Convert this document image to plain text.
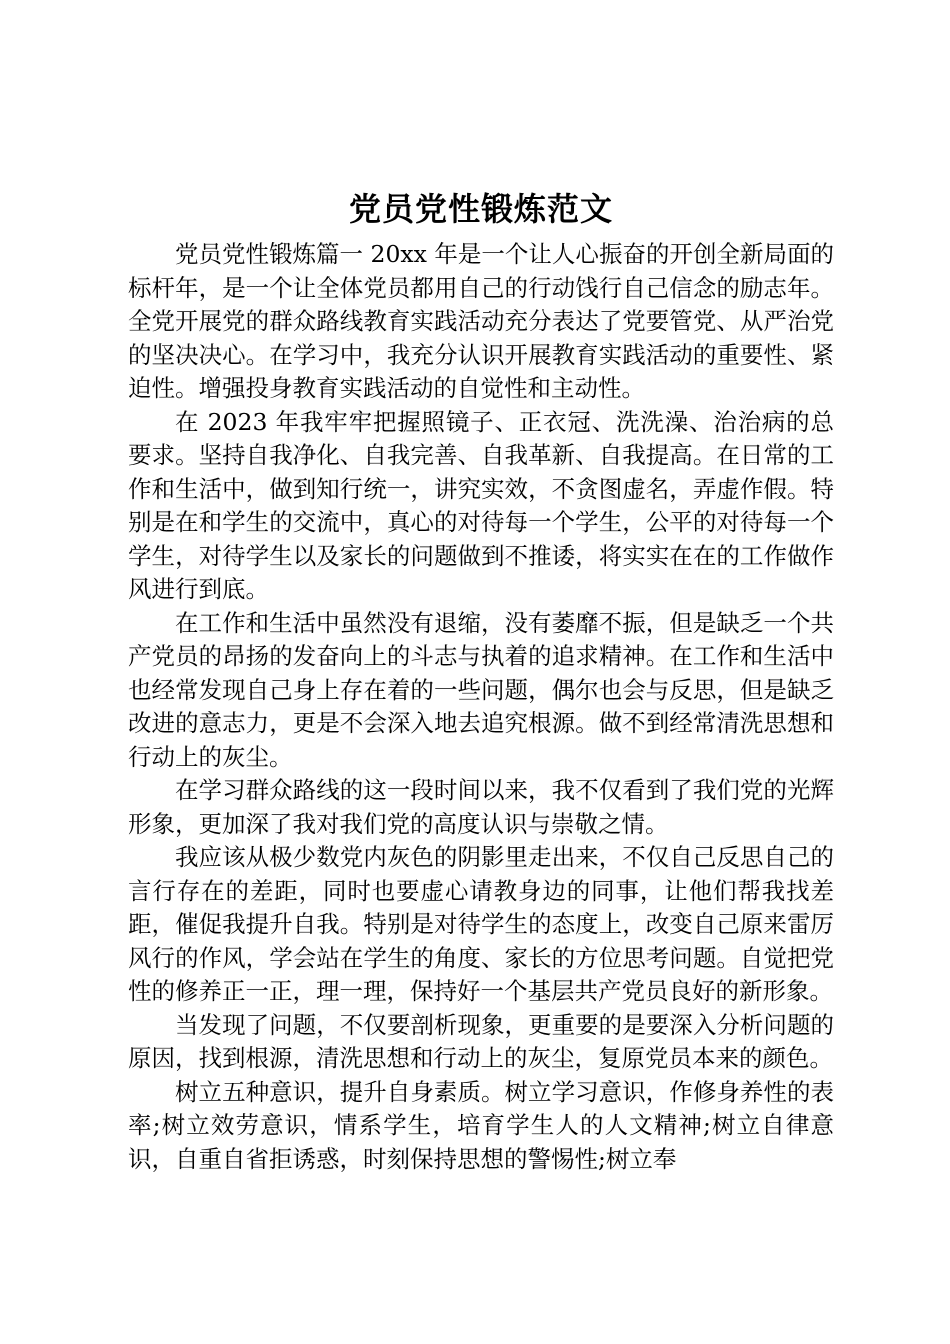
党员党性锻炼范文

党员党性锻炼篇一 20xx 年是一个让人心振奋的开创全新局面的标杆年，是一个让全体党员都用自己的行动饯行自己信念的励志年。全党开展党的群众路线教育实践活动充分表达了党要管党、从严治党的坚决决心。在学习中，我充分认识开展教育实践活动的重要性、紧迫性。增强投身教育实践活动的自觉性和主动性。

在 2023 年我牢牢把握照镜子、正衣冠、洗洗澡、治治病的总要求。坚持自我净化、自我完善、自我革新、自我提高。在日常的工作和生活中，做到知行统一，讲究实效，不贪图虚名，弄虚作假。特别是在和学生的交流中，真心的对待每一个学生，公平的对待每一个学生，对待学生以及家长的问题做到不推诿，将实实在在的工作做作风进行到底。

在工作和生活中虽然没有退缩，没有萎靡不振，但是缺乏一个共产党员的昂扬的发奋向上的斗志与执着的追求精神。在工作和生活中也经常发现自己身上存在着的一些问题，偶尔也会与反思，但是缺乏改进的意志力，更是不会深入地去追究根源。做不到经常清洗思想和行动上的灰尘。

在学习群众路线的这一段时间以来，我不仅看到了我们党的光辉形象，更加深了我对我们党的高度认识与崇敬之情。

我应该从极少数党内灰色的阴影里走出来，不仅自己反思自己的言行存在的差距，同时也要虚心请教身边的同事，让他们帮我找差距，催促我提升自我。特别是对待学生的态度上，改变自己原来雷厉风行的作风，学会站在学生的角度、家长的方位思考问题。自觉把党性的修养正一正，理一理，保持好一个基层共产党员良好的新形象。

当发现了问题，不仅要剖析现象，更重要的是要深入分析问题的原因，找到根源，清洗思想和行动上的灰尘，复原党员本来的颜色。

树立五种意识，提升自身素质。树立学习意识，作修身养性的表率;树立效劳意识，情系学生，培育学生人的人文精神;树立自律意识，自重自省拒诱惑，时刻保持思想的警惕性;树立奉
